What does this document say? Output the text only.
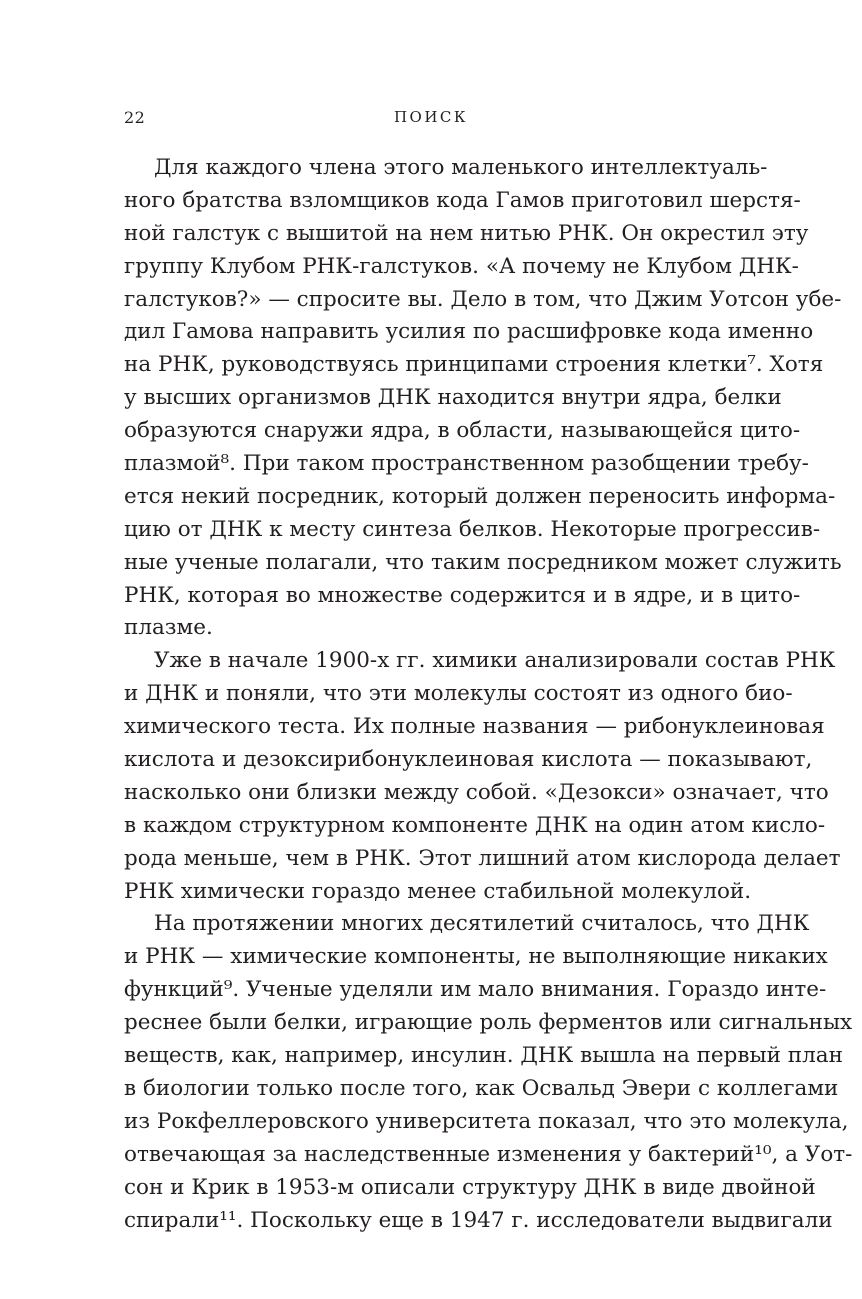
22	ПОИСК
Для каждого члена этого маленького интеллектуаль-
ного братства взломщиков кода Гамов приготовил шерстя-
ной галстук с вышитой на нем нитью РНК. Он окрестил эту
группу Клубом РНК-галстуков. «А почему не Клубом ДНК-
галстуков?» — спросите вы. Дело в том, что Джим Уотсон убе-
дил Гамова направить усилия по расшифровке кода именно
на РНК, руководствуясь принципами строения клетки⁷. Хотя
у высших организмов ДНК находится внутри ядра, белки
образуются снаружи ядра, в области, называющейся цито-
плазмой⁸. При таком пространственном разобщении требу-
ется некий посредник, который должен переносить информа-
цию от ДНК к месту синтеза белков. Некоторые прогрессив-
ные ученые полагали, что таким посредником может служить
РНК, которая во множестве содержится и в ядре, и в цито-
плазме.
Уже в начале 1900-х гг. химики анализировали состав РНК
и ДНК и поняли, что эти молекулы состоят из одного био-
химического теста. Их полные названия — рибонуклеиновая
кислота и дезоксирибонуклеиновая кислота — показывают,
насколько они близки между собой. «Дезокси» означает, что
в каждом структурном компоненте ДНК на один атом кисло-
рода меньше, чем в РНК. Этот лишний атом кислорода делает
РНК химически гораздо менее стабильной молекулой.
На протяжении многих десятилетий считалось, что ДНК
и РНК — химические компоненты, не выполняющие никаких
функций⁹. Ученые уделяли им мало внимания. Гораздо инте-
реснее были белки, играющие роль ферментов или сигнальных
веществ, как, например, инсулин. ДНК вышла на первый план
в биологии только после того, как Освальд Эвери с коллегами
из Рокфеллеровского университета показал, что это молекула,
отвечающая за наследственные изменения у бактерий¹⁰, а Уот-
сон и Крик в 1953-м описали структуру ДНК в виде двойной
спирали¹¹. Поскольку еще в 1947 г. исследователи выдвигали
